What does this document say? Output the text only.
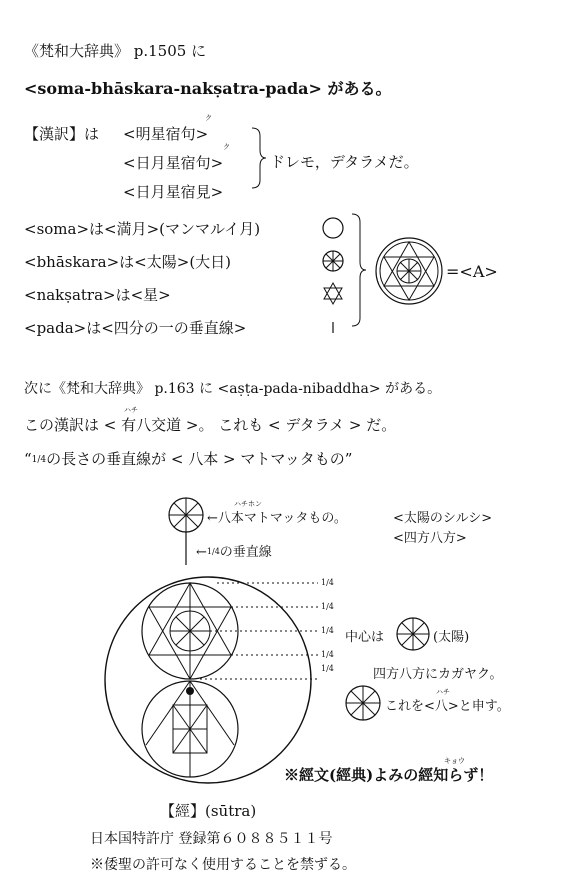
《梵和大辞典》 p.1505 に
<soma-bhāskara-nakṣatra-pada> がある。
【漢訳】は <明星宿句>
<日月星宿句>
<日月星宿見>
ク
ク
ドレモ，デタラメだ。
<soma>は<満月>(マンマルイ月)
<bhāskara>は<太陽>(大日)
<nakṣatra>は<星>
<pada>は<四分の一の垂直線>
=<A>
次に《梵和大辞典》 p.163 に <aṣṭa-pada-nibaddha> がある。
この漢訳は < 有八交道 >。 これも < デタラメ > だ。
ハチ
“1/4の長さの垂直線が < 八本 > マトマッタもの”
←八本マトマッタもの。
ハチホン
<太陽のシルシ>
<四方八方>
←1/4の垂直線
1/4
1/4
1/4
1/4
1/4
中心は	(太陽)
四方八方にカガヤク。
これを<八>と申す。
ハチ
※經文(經典)よみの經知らず！
キョウ
【經】(sūtra)
日本国特許庁 登録第６０８８５１１号
※倭聖の許可なく使用することを禁ずる。
